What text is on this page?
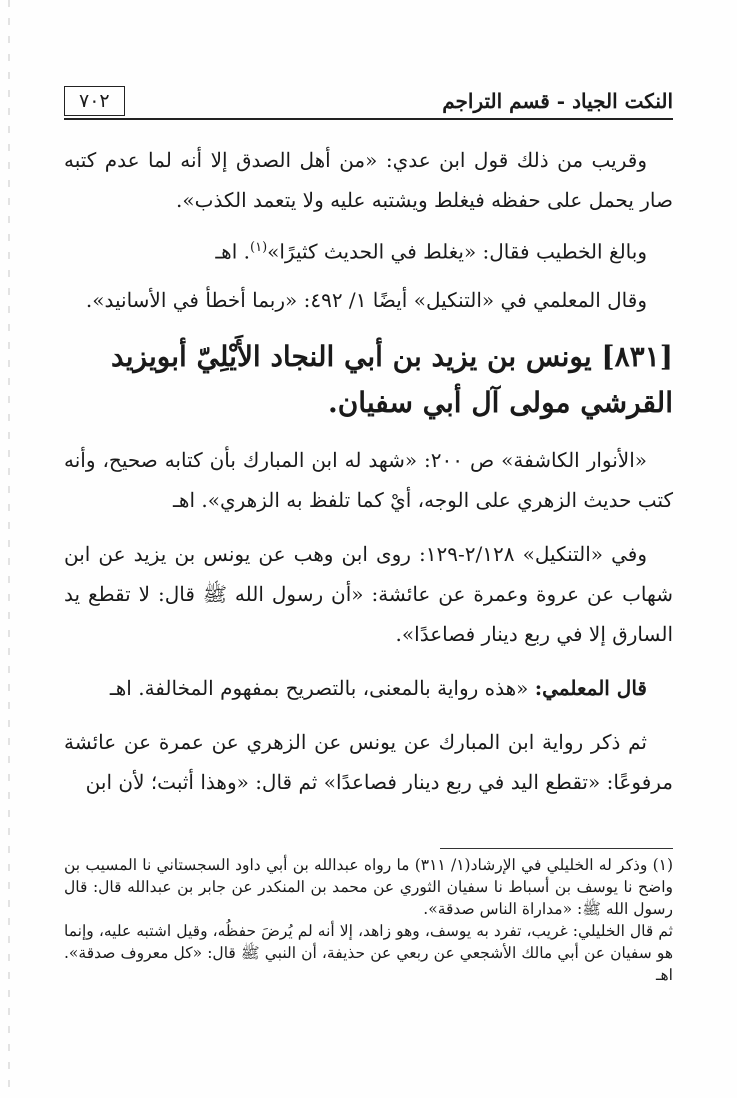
النكت الجياد - قسم التراجم
٧٠٢

وقريب من ذلك قول ابن عدي: «من أهل الصدق إلا أنه لما عدم كتبه صار يحمل على حفظه فيغلط ويشتبه عليه ولا يتعمد الكذب».

وبالغ الخطيب فقال: «يغلط في الحديث كثيرًا»$^{(١)}$. اهـ

وقال المعلمي في «التنكيل» أيضًا ١/ ٤٩٢: «ربما أخطأ في الأسانيد».

[٨٣١] يونس بن يزيد بن أبي النجاد الأَيْلِيّ أبويزيد القرشي مولى آل أبي سفيان.

«الأنوار الكاشفة» ص ٢٠٠: «شهد له ابن المبارك بأن كتابه صحيح، وأنه كتب حديث الزهري على الوجه، أيْ كما تلفظ به الزهري». اهـ

وفي «التنكيل» ٢/١٢٨-١٢٩: روى ابن وهب عن يونس بن يزيد عن ابن شهاب عن عروة وعمرة عن عائشة: «أن رسول الله ﷺ قال: لا تقطع يد السارق إلا في ربع دينار فصاعدًا».

قال المعلمي: «هذه رواية بالمعنى، بالتصريح بمفهوم المخالفة. اهـ

ثم ذكر رواية ابن المبارك عن يونس عن الزهري عن عمرة عن عائشة مرفوعًا: «تقطع اليد في ربع دينار فصاعدًا» ثم قال: «وهذا أثبت؛ لأن ابن

(١) وذكر له الخليلي في الإرشاد(١/ ٣١١) ما رواه عبدالله بن أبي داود السجستاني نا المسيب بن واضح نا يوسف بن أسباط نا سفيان الثوري عن محمد بن المنكدر عن جابر بن عبدالله قال: قال رسول الله ﷺ: «مداراة الناس صدقة».

ثم قال الخليلي: غريب، تفرد به يوسف، وهو زاهد، إلا أنه لم يُرضَ حفظُه، وقيل اشتبه عليه، وإنما هو سفيان عن أبي مالك الأشجعي عن ربعي عن حذيفة، أن النبي ﷺ قال: «كل معروف صدقة». اهـ
